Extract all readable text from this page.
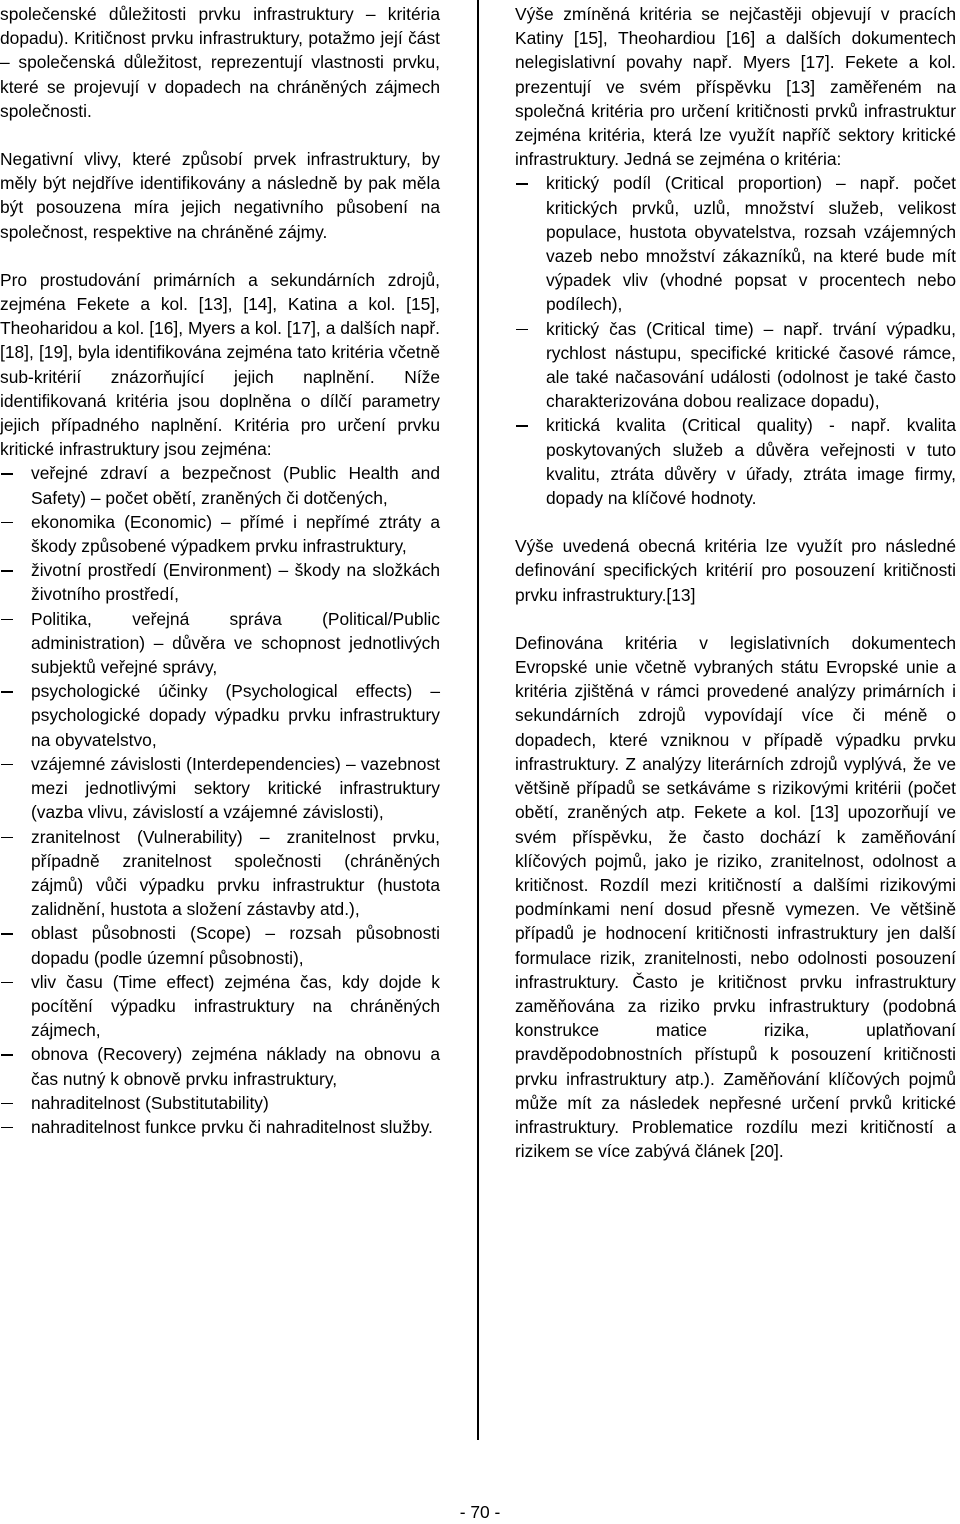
společenské důležitosti prvku infrastruktury – kritéria dopadu). Kritičnost prvku infrastruktury, potažmo její část – společenská důležitost, reprezentují vlastnosti prvku, které se projevují v dopadech na chráněných zájmech společnosti.

Negativní vlivy, které způsobí prvek infrastruktury, by měly být nejdříve identifikovány a následně by pak měla být posouzena míra jejich negativního působení na společnost, respektive na chráněné zájmy.

Pro prostudování primárních a sekundárních zdrojů, zejména Fekete a kol. [13], [14], Katina a kol. [15], Theoharidou a kol. [16], Myers a kol. [17], a dalších např. [18], [19], byla identifikována zejména tato kritéria včetně sub-kritérií znázorňující jejich naplnění. Níže identifikovaná kritéria jsou doplněna o dílčí parametry jejich případného naplnění. Kritéria pro určení prvku kritické infrastruktury jsou zejména:

veřejné zdraví a bezpečnost (Public Health and Safety) – počet obětí, zraněných či dotčených,
ekonomika (Economic) – přímé i nepřímé ztráty a škody způsobené výpadkem prvku infrastruktury,
životní prostředí (Environment) – škody na složkách životního prostředí,
Politika, veřejná správa (Political/Public administration) – důvěra ve schopnost jednotlivých subjektů veřejné správy,
psychologické účinky (Psychological effects) – psychologické dopady výpadku prvku infrastruktury na obyvatelstvo,
vzájemné závislosti (Interdependencies) – vazebnost mezi jednotlivými sektory kritické infrastruktury (vazba vlivu, závislostí a vzájemné závislosti),
zranitelnost (Vulnerability) – zranitelnost prvku, případně zranitelnost společnosti (chráněných zájmů) vůči výpadku prvku infrastruktur (hustota zalidnění, hustota a složení zástavby atd.),
oblast působnosti (Scope) – rozsah působnosti dopadu (podle územní působnosti),
vliv času (Time effect) zejména čas, kdy dojde k pocítění výpadku infrastruktury na chráněných zájmech,
obnova (Recovery) zejména náklady na obnovu a čas nutný k obnově prvku infrastruktury,
nahraditelnost (Substitutability)
nahraditelnost funkce prvku či nahraditelnost služby.

Výše zmíněná kritéria se nejčastěji objevují v pracích Katiny [15], Theohardiou [16] a dalších dokumentech nelegislativní povahy např. Myers [17]. Fekete a kol. prezentují ve svém příspěvku [13] zaměřeném na společná kritéria pro určení kritičnosti prvků infrastruktur zejména kritéria, která lze využít napříč sektory kritické infrastruktury. Jedná se zejména o kritéria:

kritický podíl (Critical proportion) – např. počet kritických prvků, uzlů, množství služeb, velikost populace, hustota obyvatelstva, rozsah vzájemných vazeb nebo množství zákazníků, na které bude mít výpadek vliv (vhodné popsat v procentech nebo podílech),
kritický čas (Critical time) – např. trvání výpadku, rychlost nástupu, specifické kritické časové rámce, ale také načasování události (odolnost je také často charakterizována dobou realizace dopadu),
kritická kvalita (Critical quality) - např. kvalita poskytovaných služeb a důvěra veřejnosti v tuto kvalitu, ztráta důvěry v úřady, ztráta image firmy, dopady na klíčové hodnoty.

Výše uvedená obecná kritéria lze využít pro následné definování specifických kritérií pro posouzení kritičnosti prvku infrastruktury.[13]

Definována kritéria v legislativních dokumentech Evropské unie včetně vybraných státu Evropské unie a kritéria zjištěná v rámci provedené analýzy primárních i sekundárních zdrojů vypovídají více či méně o dopadech, které vzniknou v případě výpadku prvku infrastruktury. Z analýzy literárních zdrojů vyplývá, že ve většině případů se setkáváme s rizikovými kritérii (počet obětí, zraněných atp. Fekete a kol. [13] upozorňují ve svém příspěvku, že často dochází k zaměňování klíčových pojmů, jako je riziko, zranitelnost, odolnost a kritičnost. Rozdíl mezi kritičností a dalšími rizikovými podmínkami není dosud přesně vymezen. Ve většině případů je hodnocení kritičnosti infrastruktury jen další formulace rizik, zranitelnosti, nebo odolnosti posouzení infrastruktury. Často je kritičnost prvku infrastruktury zaměňována za riziko prvku infrastruktury (podobná konstrukce matice rizika, uplatňovaní pravděpodobnostních přístupů k posouzení kritičnosti prvku infrastruktury atp.). Zaměňování klíčových pojmů může mít za následek nepřesné určení prvků kritické infrastruktury. Problematice rozdílu mezi kritičností a rizikem se více zabývá článek [20].

- 70 -
